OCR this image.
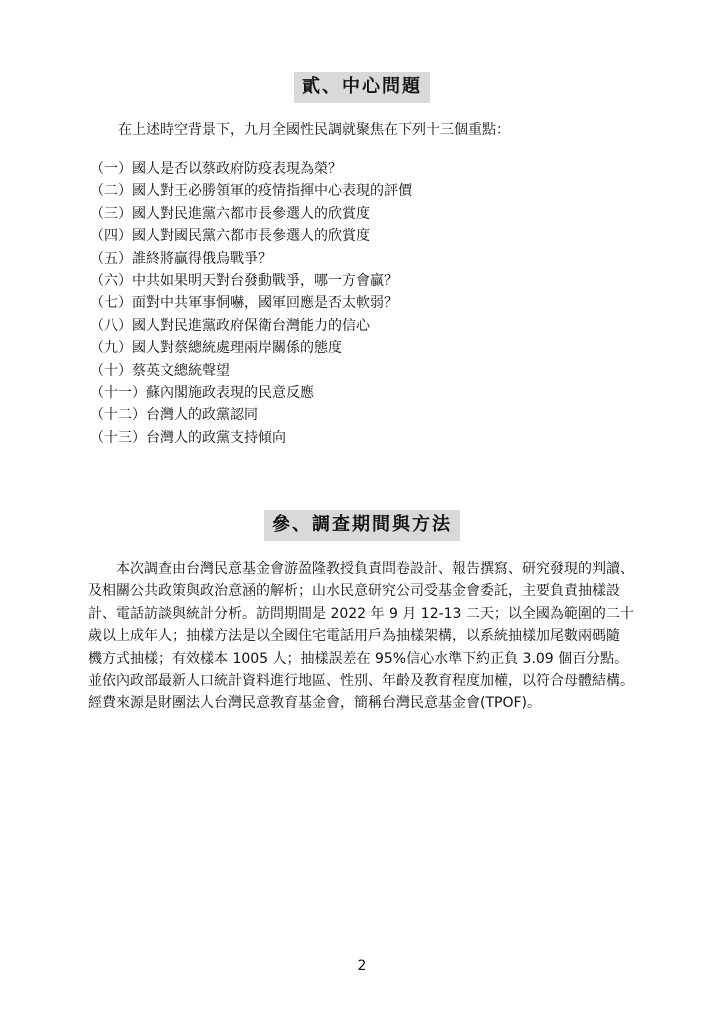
貳、中心問題
在上述時空背景下，九月全國性民調就聚焦在下列十三個重點：
（一）國人是否以蔡政府防疫表現為榮？
（二）國人對王必勝領軍的疫情指揮中心表現的評價
（三）國人對民進黨六都市長參選人的欣賞度
（四）國人對國民黨六都市長參選人的欣賞度
（五）誰終將贏得俄烏戰爭？
（六）中共如果明天對台發動戰爭，哪一方會贏？
（七）面對中共軍事恫嚇，國軍回應是否太軟弱？
（八）國人對民進黨政府保衛台灣能力的信心
（九）國人對蔡總統處理兩岸關係的態度
（十）蔡英文總統聲望
（十一）蘇內閣施政表現的民意反應
（十二）台灣人的政黨認同
（十三）台灣人的政黨支持傾向
參、調查期間與方法
本次調查由台灣民意基金會游盈隆教授負責問卷設計、報告撰寫、研究發現的判讀、
及相關公共政策與政治意涵的解析；山水民意研究公司受基金會委託，主要負責抽樣設
計、電話訪談與統計分析。訪問期間是 2022 年 9 月 12-13 二天；以全國為範圍的二十
歲以上成年人；抽樣方法是以全國住宅電話用戶為抽樣架構，以系統抽樣加尾數兩碼隨
機方式抽樣；有效樣本 1005 人；抽樣誤差在 95%信心水準下約正負 3.09 個百分點。
並依內政部最新人口統計資料進行地區、性別、年齡及教育程度加權，以符合母體結構。
經費來源是財團法人台灣民意教育基金會，簡稱台灣民意基金會(TPOF)。
2
